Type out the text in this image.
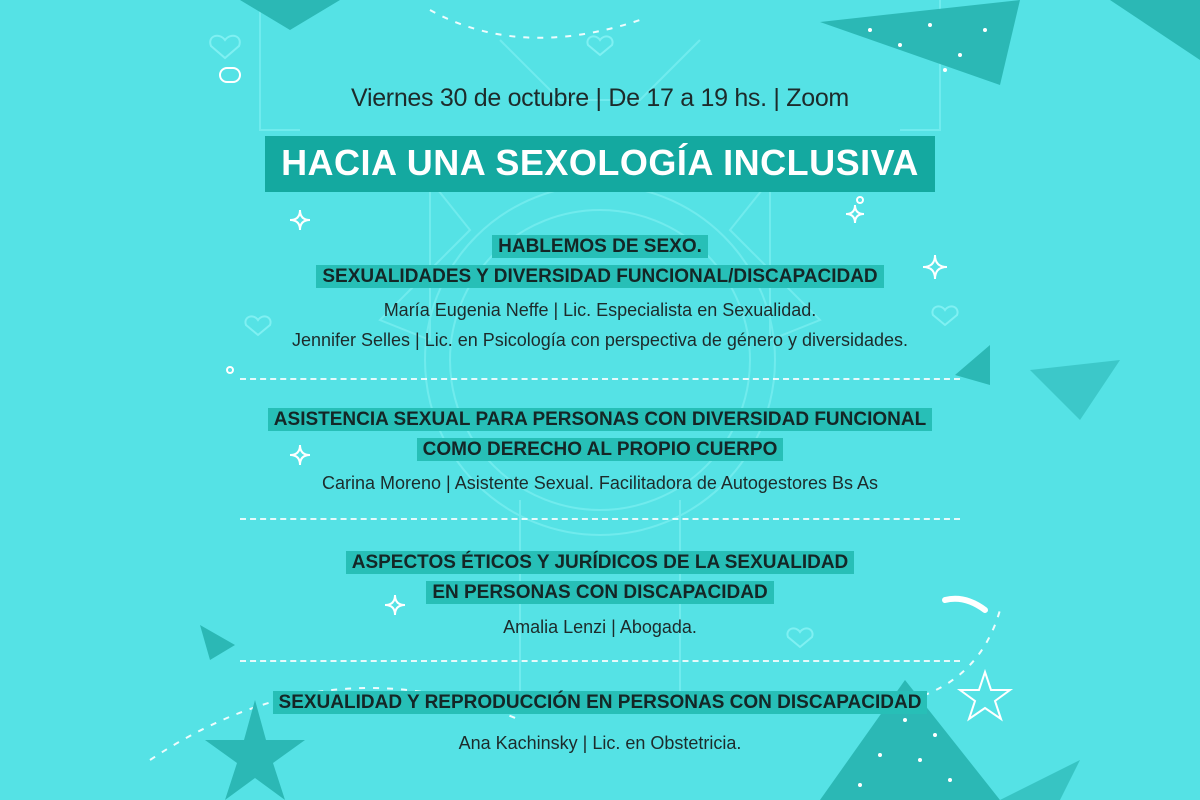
Viernes 30 de octubre | De 17 a 19 hs. | Zoom
HACIA UNA SEXOLOGÍA INCLUSIVA
HABLEMOS DE SEXO.
SEXUALIDADES Y DIVERSIDAD FUNCIONAL/DISCAPACIDAD
María Eugenia Neffe | Lic. Especialista en Sexualidad.
Jennifer Selles | Lic. en Psicología con perspectiva de género y diversidades.
ASISTENCIA SEXUAL PARA PERSONAS CON DIVERSIDAD FUNCIONAL
COMO DERECHO AL PROPIO CUERPO
Carina Moreno | Asistente Sexual. Facilitadora de Autogestores Bs As
ASPECTOS ÉTICOS Y JURÍDICOS DE LA SEXUALIDAD
EN PERSONAS CON DISCAPACIDAD
Amalia Lenzi | Abogada.
SEXUALIDAD Y REPRODUCCIÓN EN PERSONAS CON DISCAPACIDAD
Ana Kachinsky | Lic. en Obstetricia.
